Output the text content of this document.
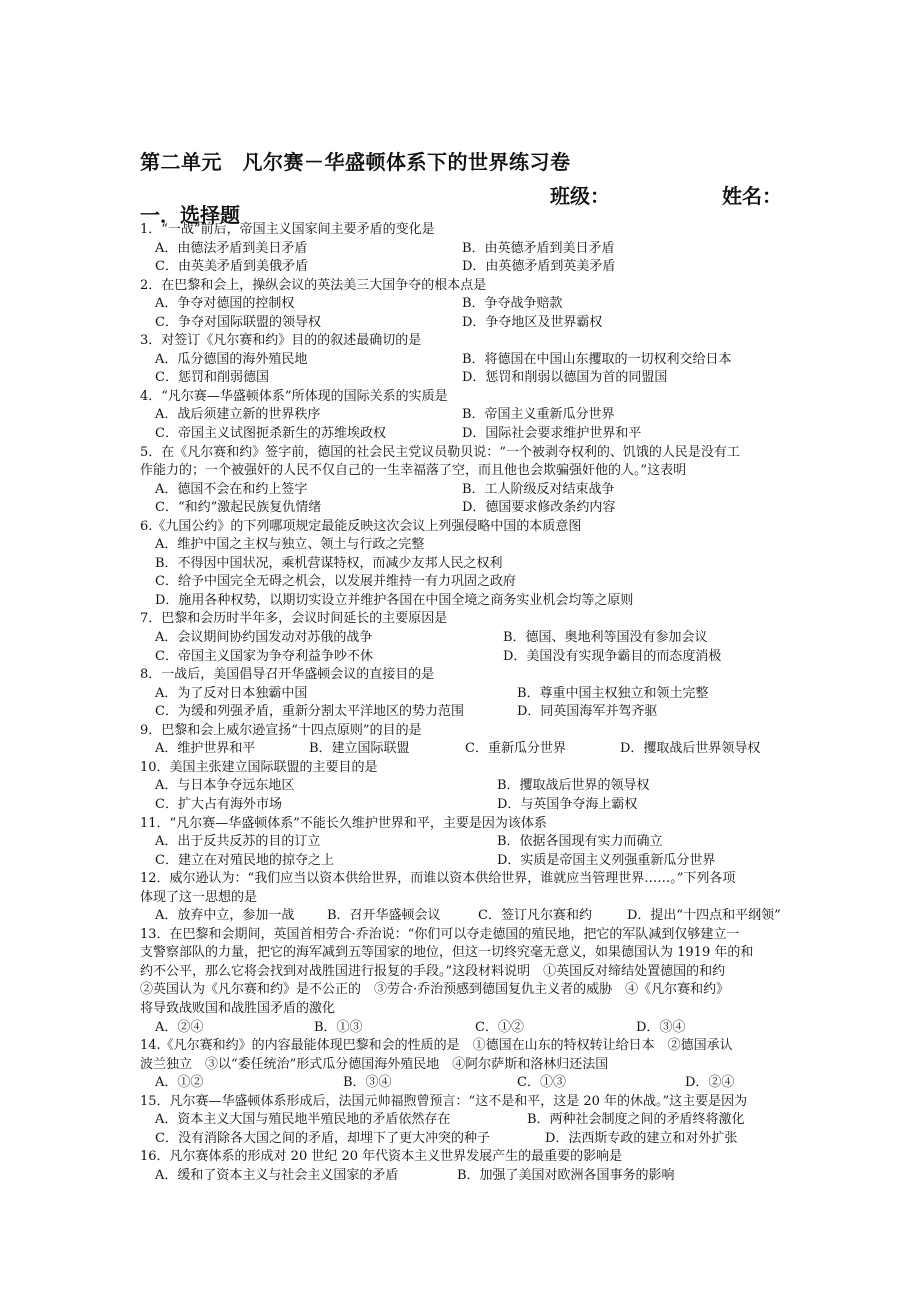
第二单元　凡尔赛－华盛顿体系下的世界练习卷
班级：	姓名：
一．选择题
1．“一战”前后，帝国主义国家间主要矛盾的变化是
A．由德法矛盾到美日矛盾	B．由英德矛盾到美日矛盾
C．由英美矛盾到美俄矛盾	D．由英德矛盾到英美矛盾
2．在巴黎和会上，操纵会议的英法美三大国争夺的根本点是
A．争夺对德国的控制权	B．争夺战争赔款
C．争夺对国际联盟的领导权	D．争夺地区及世界霸权
3．对签订《凡尔赛和约》目的的叙述最确切的是
A．瓜分德国的海外殖民地	B．将德国在中国山东攫取的一切权利交给日本
C．惩罚和削弱德国	D．惩罚和削弱以德国为首的同盟国
4．“凡尔赛—华盛顿体系”所体现的国际关系的实质是
A．战后须建立新的世界秩序	B．帝国主义重新瓜分世界
C．帝国主义试图扼杀新生的苏维埃政权	D．国际社会要求维护世界和平
5．在《凡尔赛和约》签字前，德国的社会民主党议员勒贝说：“一个被剥夺权利的、饥饿的人民是没有工
作能力的；一个被强奸的人民不仅自己的一生幸福落了空，而且他也会欺骗强奸他的人。”这表明
A．德国不会在和约上签字	B．工人阶级反对结束战争
C．“和约”激起民族复仇情绪	D．德国要求修改条约内容
6.《九国公约》的下列哪项规定最能反映这次会议上列强侵略中国的本质意图
A．维护中国之主权与独立、领土与行政之完整
B．不得因中国状况，乘机营谋特权，而减少友邦人民之权利
C．给予中国完全无碍之机会，以发展并维持一有力巩固之政府
D．施用各种权势，以期切实设立并维护各国在中国全境之商务实业机会均等之原则
7．巴黎和会历时半年多，会议时间延长的主要原因是
A．会议期间协约国发动对苏俄的战争	B．德国、奥地利等国没有参加会议
C．帝国主义国家为争夺利益争吵不休	D．美国没有实现争霸目的而态度消极
8．一战后，美国倡导召开华盛顿会议的直接目的是
A．为了反对日本独霸中国	B．尊重中国主权独立和领土完整
C．为缓和列强矛盾，重新分割太平洋地区的势力范围	D．同英国海军并驾齐驱
9．巴黎和会上威尔逊宣扬“十四点原则”的目的是
A．维护世界和平	B．建立国际联盟	C．重新瓜分世界	D．攫取战后世界领导权
10．美国主张建立国际联盟的主要目的是
A．与日本争夺远东地区	B．攫取战后世界的领导权
C．扩大占有海外市场	D．与英国争夺海上霸权
11．“凡尔赛—华盛顿体系”不能长久维护世界和平，主要是因为该体系
A．出于反共反苏的目的订立	B．依据各国现有实力而确立
C．建立在对殖民地的掠夺之上	D．实质是帝国主义列强重新瓜分世界
12．威尔逊认为：“我们应当以资本供给世界，而谁以资本供给世界，谁就应当管理世界……。”下列各项
体现了这一思想的是
A．放弃中立，参加一战	B．召开华盛顿会议	C．签订凡尔赛和约	D．提出“十四点和平纲领”
13．在巴黎和会期间，英国首相劳合·乔治说：“你们可以夺走德国的殖民地，把它的军队减到仅够建立一
支警察部队的力量，把它的海军减到五等国家的地位，但这一切终究毫无意义，如果德国认为 1919 年的和
约不公平，那么它将会找到对战胜国进行报复的手段。”这段材料说明　①英国反对缔结处置德国的和约
②英国认为《凡尔赛和约》是不公正的　③劳合·乔治预感到德国复仇主义者的威胁　④《凡尔赛和约》
将导致战败国和战胜国矛盾的激化
A．②④	B．①③	C．①②	D．③④
14.《凡尔赛和约》的内容最能体现巴黎和会的性质的是　①德国在山东的特权转让给日本　②德国承认
波兰独立　③以“委任统治”形式瓜分德国海外殖民地　④阿尔萨斯和洛林归还法国
A．①②	B．③④	C．①③	D．②④
15．凡尔赛—华盛顿体系形成后，法国元帅福煦曾预言：“这不是和平，这是 20 年的休战。”这主要是因为
A．资本主义大国与殖民地半殖民地的矛盾依然存在	B．两种社会制度之间的矛盾终将激化
C．没有消除各大国之间的矛盾，却埋下了更大冲突的种子	D．法西斯专政的建立和对外扩张
16．凡尔赛体系的形成对 20 世纪 20 年代资本主义世界发展产生的最重要的影响是
A．缓和了资本主义与社会主义国家的矛盾	B．加强了美国对欧洲各国事务的影响
